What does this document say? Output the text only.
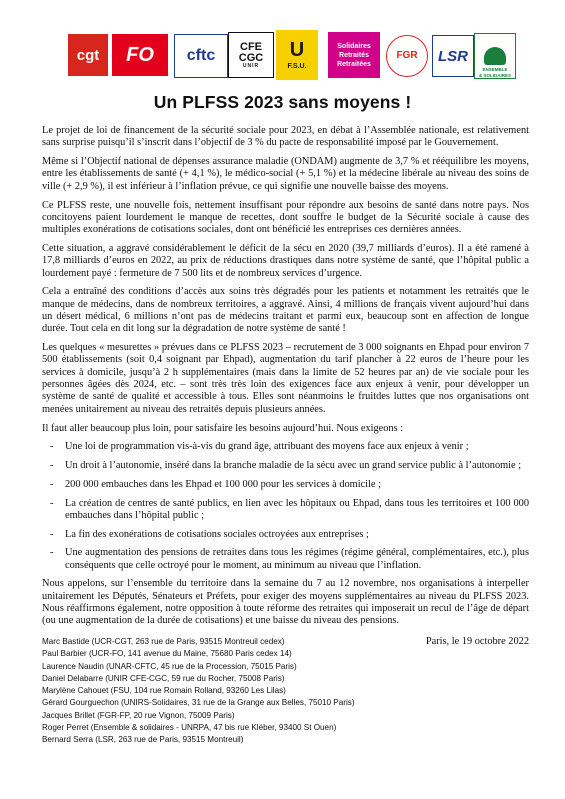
cgt FO cftc
CFE
CGC
UNIR
U
F.S.U.
Solidaires
Retraités
Retraitées
FGR LSR
ENSEMBLE
& SOLIDAIRES
Un PLFSS 2023 sans moyens !

Le projet de loi de financement de la sécurité sociale pour 2023, en débat à l’Assemblée nationale, est relativement sans surprise puisqu’il s’inscrit dans l’objectif de 3 % du pacte de responsabilité imposé par le Gouvernement.

Même si l’Objectif national de dépenses assurance maladie (ONDAM) augmente de 3,7 % et rééquilibre les moyens, entre les établissements de santé (+ 4,1 %), le médico-social (+ 5,1 %) et la médecine libérale au niveau des soins de ville (+ 2,9 %), il est inférieur à l’inflation prévue, ce qui signifie une nouvelle baisse des moyens.

Ce PLFSS reste, une nouvelle fois, nettement insuffisant pour répondre aux besoins de santé dans notre pays. Nos concitoyens paient lourdement le manque de recettes, dont souffre le budget de la Sécurité sociale à cause des multiples exonérations de cotisations sociales, dont ont bénéficié les entreprises ces dernières années.

Cette situation, a aggravé considérablement le déficit de la sécu en 2020 (39,7 milliards d’euros). Il a été ramené à 17,8 milliards d’euros en 2022, au prix de réductions drastiques dans notre système de santé, que l’hôpital public a lourdement payé : fermeture de 7 500 lits et de nombreux services d’urgence.

Cela a entraîné des conditions d’accès aux soins très dégradés pour les patients et notamment les retraités que le manque de médecins, dans de nombreux territoires, a aggravé. Ainsi, 4 millions de français vivent aujourd’hui dans un désert médical, 6 millions n’ont pas de médecins traitant et parmi eux, beaucoup sont en affection de longue durée. Tout cela en dit long sur la dégradation de notre système de santé !

Les quelques « mesurettes » prévues dans ce PLFSS 2023 – recrutement de 3 000 soignants en Ehpad pour environ 7 500 établissements (soit 0,4 soignant par Ehpad), augmentation du tarif plancher à 22 euros de l’heure pour les services à domicile, jusqu’à 2 h supplémentaires (mais dans la limite de 52 heures par an) de vie sociale pour les personnes âgées dès 2024, etc. – sont très très loin des exigences face aux enjeux à venir, pour développer un système de santé de qualité et accessible à tous. Elles sont néanmoins le fruitdes luttes que nos organisations ont menées unitairement au niveau des retraités depuis plusieurs années.

Il faut aller beaucoup plus loin, pour satisfaire les besoins aujourd’hui. Nous exigeons :

- Une loi de programmation vis-à-vis du grand âge, attribuant des moyens face aux enjeux à venir ;
- Un droit à l’autonomie, inséré dans la branche maladie de la sécu avec un grand service public à l’autonomie ;
- 200 000 embauches dans les Ehpad et 100 000 pour les services à domicile ;
- La création de centres de santé publics, en lien avec les hôpitaux ou Ehpad, dans tous les territoires et 100 000 embauches dans l’hôpital public ;
- La fin des exonérations de cotisations sociales octroyées aux entreprises ;
- Une augmentation des pensions de retraites dans tous les régimes (régime général, complémentaires, etc.), plus conséquents que celle octroyé pour le moment, au minimum au niveau que l’inflation.

Nous appelons, sur l’ensemble du territoire dans la semaine du 7 au 12 novembre, nos organisations à interpeller unitairement les Députés, Sénateurs et Préfets, pour exiger des moyens supplémentaires au niveau du PLFSS 2023. Nous réaffirmons également, notre opposition à toute réforme des retraites qui imposerait un recul de l’âge de départ (ou une augmentation de la durée de cotisations) et une baisse du niveau des pensions.

Paris, le 19 octobre 2022
Marc Bastide (UCR-CGT, 263 rue de Paris, 93515 Montreuil cedex)
Paul Barbier (UCR-FO, 141 avenue du Maine, 75680 Paris cedex 14)
Laurence Naudin (UNAR-CFTC, 45 rue de la Procession, 75015 Paris)
Daniel Delabarre (UNIR CFE-CGC, 59 rue du Rocher, 75008 Paris)
Marylène Cahouet (FSU, 104 rue Romain Rolland, 93260 Les Lilas)
Gérard Gourguechon (UNIRS-Solidaires, 31 rue de la Grange aux Belles, 75010 Paris)
Jacques Brillet (FGR-FP, 20 rue Vignon, 75009 Paris)
Roger Perret (Ensemble & solidaires - UNRPA, 47 bis rue Kléber, 93400 St Ouen)
Bernard Serra (LSR, 263 rue de Paris, 93515 Montreuil)
